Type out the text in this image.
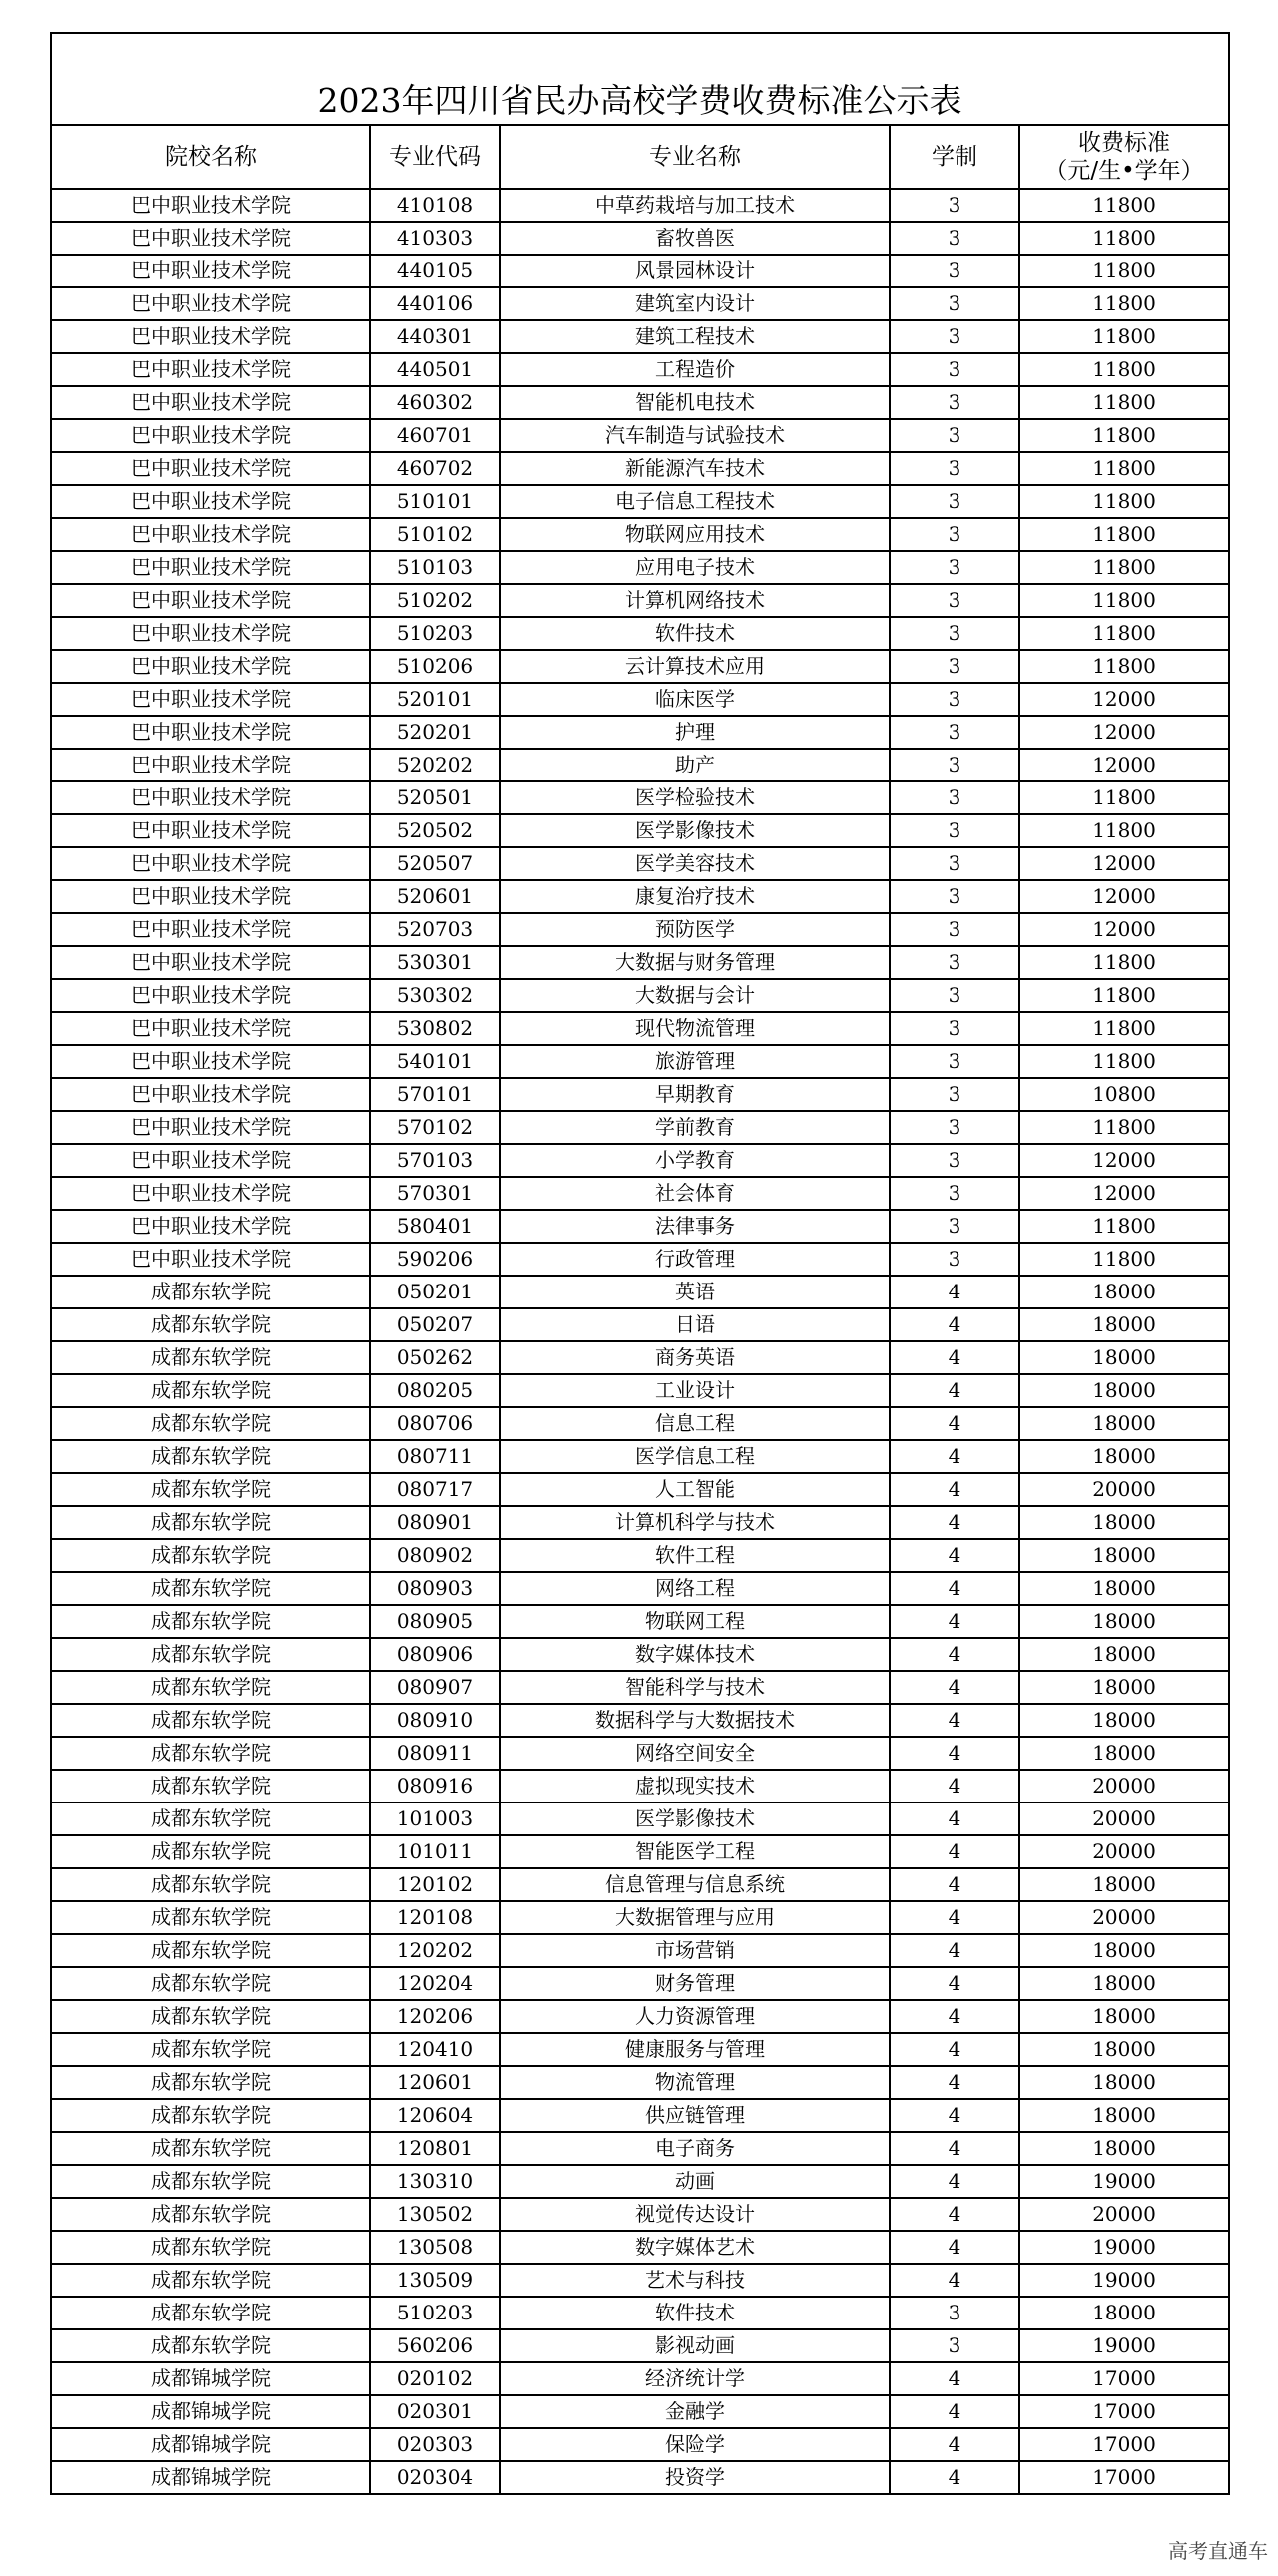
2023年四川省民办高校学费收费标准公示表				
院校名称	专业代码	专业名称	学制	收费标准
（元/生•学年）

巴中职业技术学院	410108	中草药栽培与加工技术	3	11800
巴中职业技术学院	410303	畜牧兽医	3	11800
巴中职业技术学院	440105	风景园林设计	3	11800
巴中职业技术学院	440106	建筑室内设计	3	11800
巴中职业技术学院	440301	建筑工程技术	3	11800
巴中职业技术学院	440501	工程造价	3	11800
巴中职业技术学院	460302	智能机电技术	3	11800
巴中职业技术学院	460701	汽车制造与试验技术	3	11800
巴中职业技术学院	460702	新能源汽车技术	3	11800
巴中职业技术学院	510101	电子信息工程技术	3	11800
巴中职业技术学院	510102	物联网应用技术	3	11800
巴中职业技术学院	510103	应用电子技术	3	11800
巴中职业技术学院	510202	计算机网络技术	3	11800
巴中职业技术学院	510203	软件技术	3	11800
巴中职业技术学院	510206	云计算技术应用	3	11800
巴中职业技术学院	520101	临床医学	3	12000
巴中职业技术学院	520201	护理	3	12000
巴中职业技术学院	520202	助产	3	12000
巴中职业技术学院	520501	医学检验技术	3	11800
巴中职业技术学院	520502	医学影像技术	3	11800
巴中职业技术学院	520507	医学美容技术	3	12000
巴中职业技术学院	520601	康复治疗技术	3	12000
巴中职业技术学院	520703	预防医学	3	12000
巴中职业技术学院	530301	大数据与财务管理	3	11800
巴中职业技术学院	530302	大数据与会计	3	11800
巴中职业技术学院	530802	现代物流管理	3	11800
巴中职业技术学院	540101	旅游管理	3	11800
巴中职业技术学院	570101	早期教育	3	10800
巴中职业技术学院	570102	学前教育	3	11800
巴中职业技术学院	570103	小学教育	3	12000
巴中职业技术学院	570301	社会体育	3	12000
巴中职业技术学院	580401	法律事务	3	11800
巴中职业技术学院	590206	行政管理	3	11800
成都东软学院	050201	英语	4	18000
成都东软学院	050207	日语	4	18000
成都东软学院	050262	商务英语	4	18000
成都东软学院	080205	工业设计	4	18000
成都东软学院	080706	信息工程	4	18000
成都东软学院	080711	医学信息工程	4	18000
成都东软学院	080717	人工智能	4	20000
成都东软学院	080901	计算机科学与技术	4	18000
成都东软学院	080902	软件工程	4	18000
成都东软学院	080903	网络工程	4	18000
成都东软学院	080905	物联网工程	4	18000
成都东软学院	080906	数字媒体技术	4	18000
成都东软学院	080907	智能科学与技术	4	18000
成都东软学院	080910	数据科学与大数据技术	4	18000
成都东软学院	080911	网络空间安全	4	18000
成都东软学院	080916	虚拟现实技术	4	20000
成都东软学院	101003	医学影像技术	4	20000
成都东软学院	101011	智能医学工程	4	20000
成都东软学院	120102	信息管理与信息系统	4	18000
成都东软学院	120108	大数据管理与应用	4	20000
成都东软学院	120202	市场营销	4	18000
成都东软学院	120204	财务管理	4	18000
成都东软学院	120206	人力资源管理	4	18000
成都东软学院	120410	健康服务与管理	4	18000
成都东软学院	120601	物流管理	4	18000
成都东软学院	120604	供应链管理	4	18000
成都东软学院	120801	电子商务	4	18000
成都东软学院	130310	动画	4	19000
成都东软学院	130502	视觉传达设计	4	20000
成都东软学院	130508	数字媒体艺术	4	19000
成都东软学院	130509	艺术与科技	4	19000
成都东软学院	510203	软件技术	3	18000
成都东软学院	560206	影视动画	3	19000
成都锦城学院	020102	经济统计学	4	17000
成都锦城学院	020301	金融学	4	17000
成都锦城学院	020303	保险学	4	17000
成都锦城学院	020304	投资学	4	17000
高考直通车
